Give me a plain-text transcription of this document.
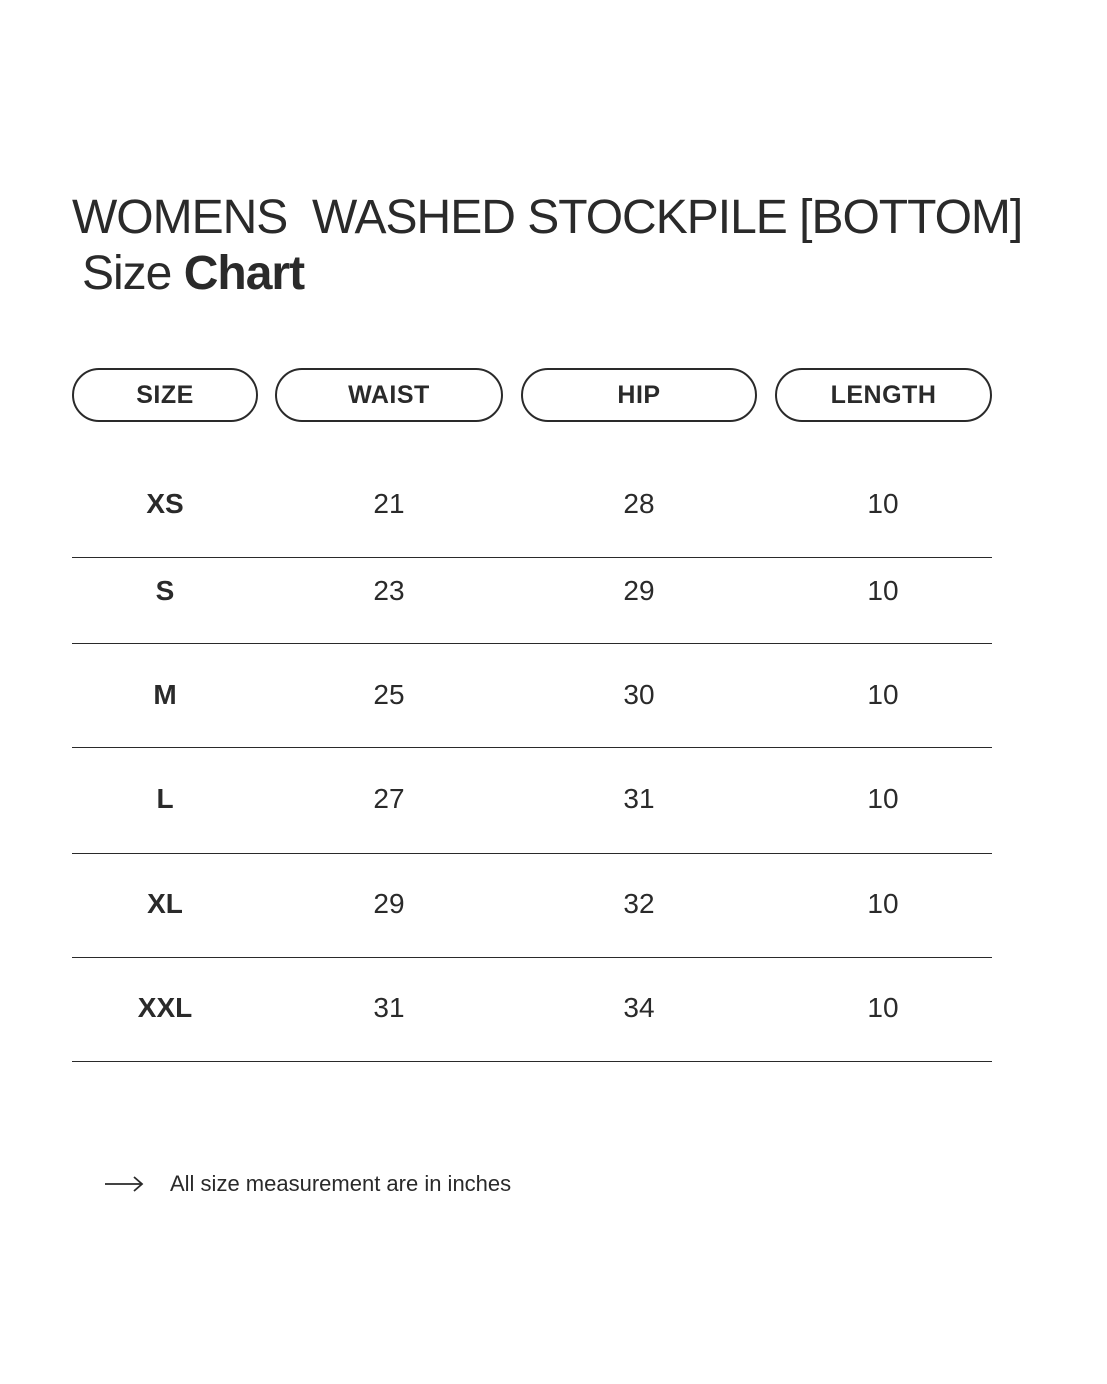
WOMENS  WASHED STOCKPILE [BOTTOM]
Size Chart
SIZE	WAIST	HIP	LENGTH
XS	21	28	10
S	23	29	10
M	25	30	10
L	27	31	10
XL	29	32	10
XXL	31	34	10
All size measurement are in inches
